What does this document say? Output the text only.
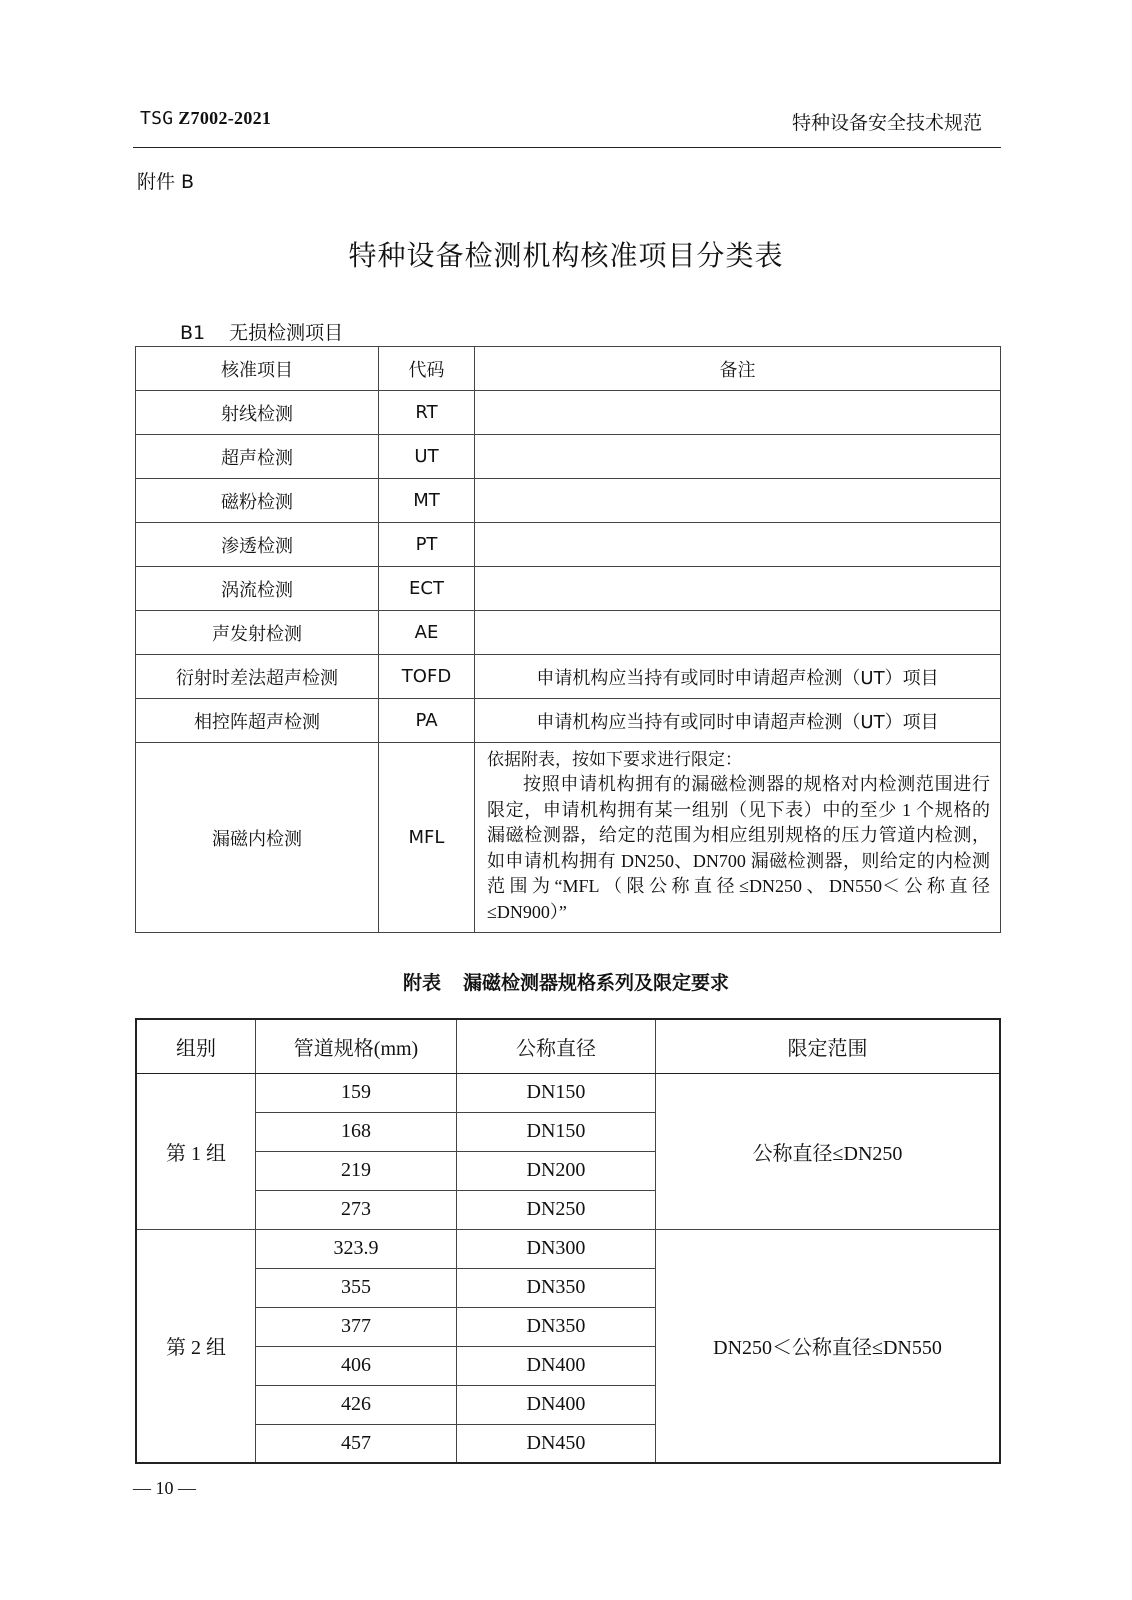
TSG Z7002-2021	特种设备安全技术规范
附件 B
特种设备检测机构核准项目分类表
B1 无损检测项目
核准项目	代码	备注
射线检测	RT	
超声检测	UT	
磁粉检测	MT	
渗透检测	PT	
涡流检测	ECT	
声发射检测	AE	
衍射时差法超声检测	TOFD	申请机构应当持有或同时申请超声检测（UT）项目
相控阵超声检测	PA	申请机构应当持有或同时申请超声检测（UT）项目
漏磁内检测	MFL	依据附表，按如下要求进行限定：
按照申请机构拥有的漏磁检测器的规格对内检测范围进行限定，申请机构拥有某一组别（见下表）中的至少 1 个规格的漏磁检测器，给定的范围为相应组别规格的压力管道内检测，如申请机构拥有 DN250、DN700 漏磁检测器，则给定的内检测范围为“MFL（限公称直径≤DN250、DN550＜公称直径≤DN900）”
附表 漏磁检测器规格系列及限定要求
组别	管道规格(mm)	公称直径	限定范围
第 1 组	159	DN150	公称直径≤DN250
	168	DN150	
	219	DN200	
	273	DN250	
第 2 组	323.9	DN300	DN250＜公称直径≤DN550
	355	DN350	
	377	DN350	
	406	DN400	
	426	DN400	
	457	DN450	
— 10 —
